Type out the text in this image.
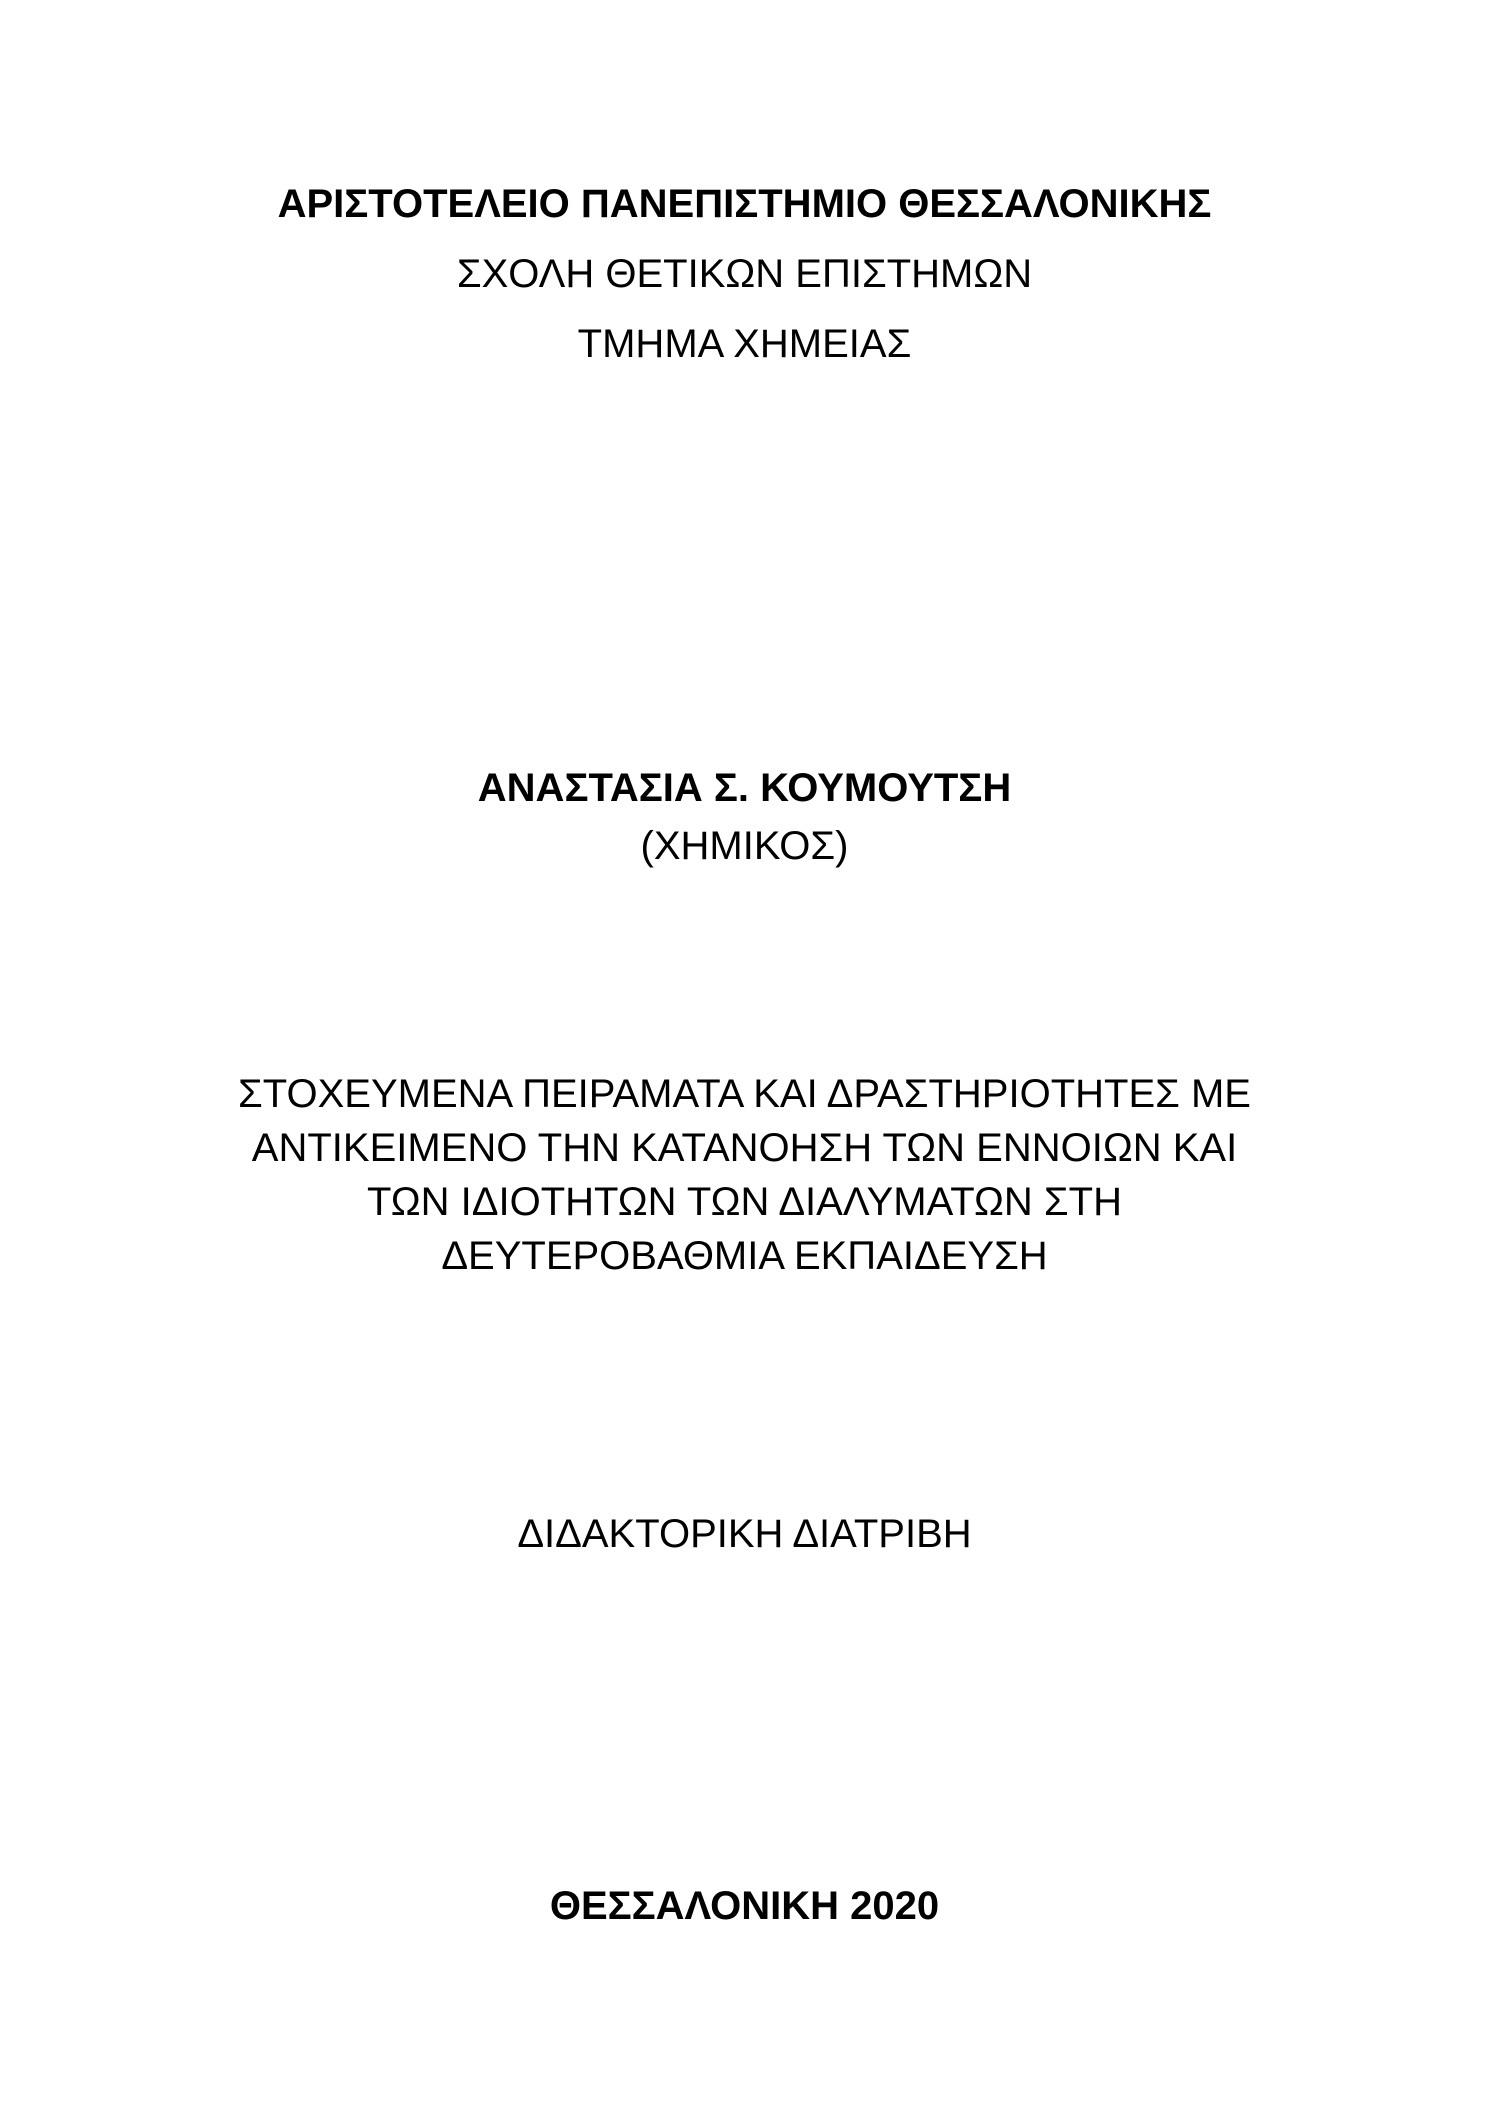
ΑΡΙΣΤΟΤΕΛΕΙΟ ΠΑΝΕΠΙΣΤΗΜΙΟ ΘΕΣΣΑΛΟΝΙΚΗΣ
ΣΧΟΛΗ ΘΕΤΙΚΩΝ ΕΠΙΣΤΗΜΩΝ
ΤΜΗΜΑ ΧΗΜΕΙΑΣ
ΑΝΑΣΤΑΣΙΑ Σ. ΚΟΥΜΟΥΤΣΗ
(ΧΗΜΙΚΟΣ)
ΣΤΟΧΕΥΜΕΝΑ ΠΕΙΡΑΜΑΤΑ ΚΑΙ ΔΡΑΣΤΗΡΙΟΤΗΤΕΣ ΜΕ
ΑΝΤΙΚΕΙΜΕΝΟ ΤΗΝ ΚΑΤΑΝΟΗΣΗ ΤΩΝ ΕΝΝΟΙΩΝ ΚΑΙ
ΤΩΝ ΙΔΙΟΤΗΤΩΝ ΤΩΝ ΔΙΑΛΥΜΑΤΩΝ ΣΤΗ
ΔΕΥΤΕΡΟΒΑΘΜΙΑ ΕΚΠΑΙΔΕΥΣΗ
ΔΙΔΑΚΤΟΡΙΚΗ ΔΙΑΤΡΙΒΗ
ΘΕΣΣΑΛΟΝΙΚΗ 2020
